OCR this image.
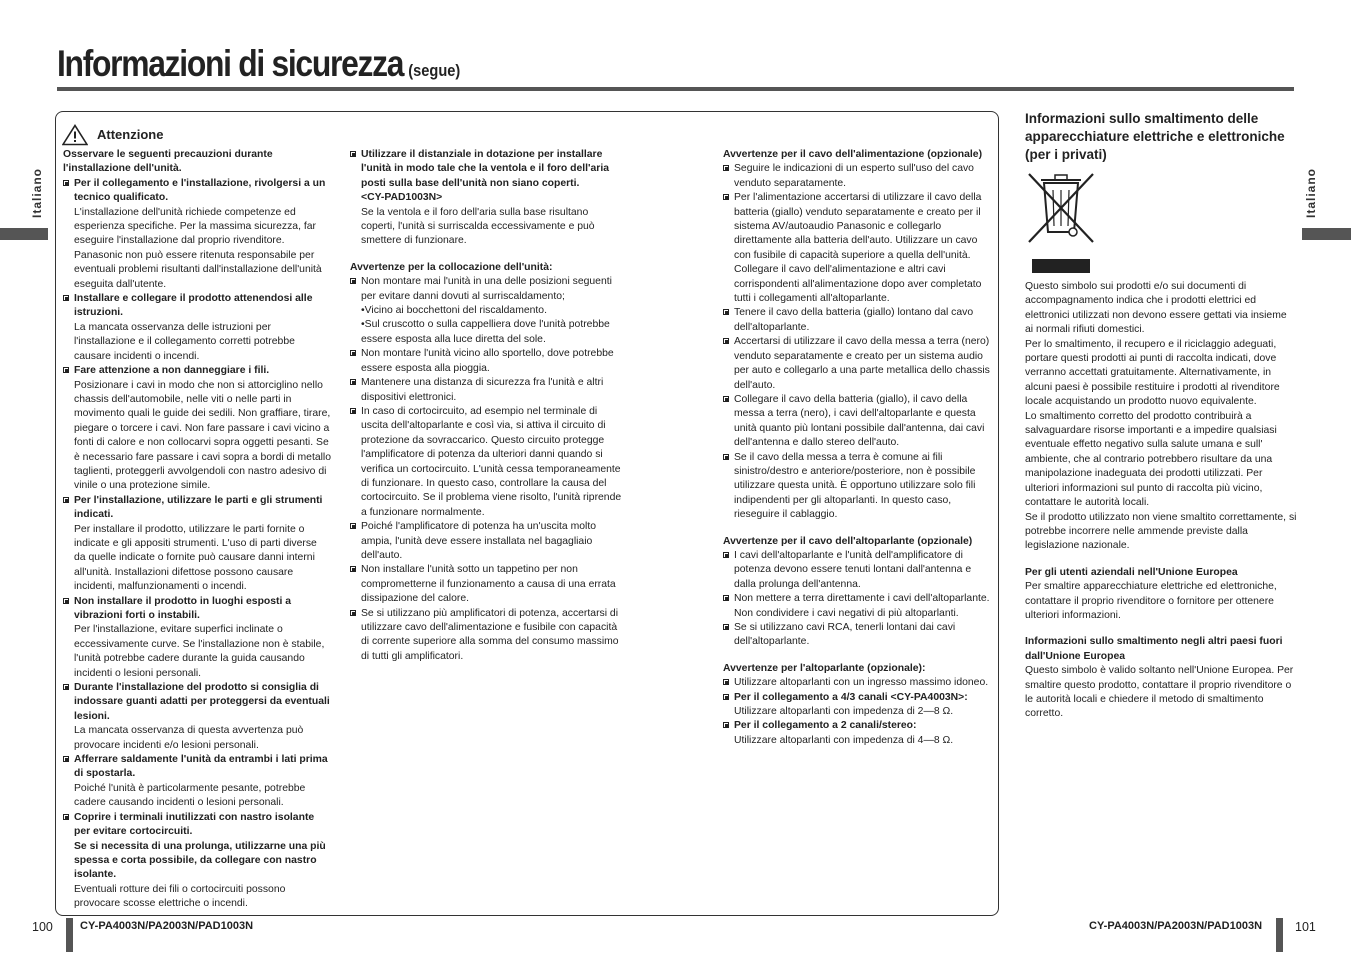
Informazioni di sicurezza (segue)
Italiano	Italiano
Attenzione

Osservare le seguenti precauzioni durante l'installazione dell'unità.

Per il collegamento e l'installazione, rivolgersi a un tecnico qualificato.

L'installazione dell'unità richiede competenze ed esperienza specifiche. Per la massima sicurezza, far eseguire l'installazione dal proprio rivenditore. Panasonic non può essere ritenuta responsabile per eventuali problemi risultanti dall'installazione dell'unità eseguita dall'utente.

Installare e collegare il prodotto attenendosi alle istruzioni.

La mancata osservanza delle istruzioni per l'installazione e il collegamento corretti potrebbe causare incidenti o incendi.

Fare attenzione a non danneggiare i fili.

Posizionare i cavi in modo che non si attorciglino nello chassis dell'automobile, nelle viti o nelle parti in movimento quali le guide dei sedili. Non graffiare, tirare, piegare o torcere i cavi. Non fare passare i cavi vicino a fonti di calore e non collocarvi sopra oggetti pesanti. Se è necessario fare passare i cavi sopra a bordi di metallo taglienti, proteggerli avvolgendoli con nastro adesivo di vinile o una protezione simile.

Per l'installazione, utilizzare le parti e gli strumenti indicati.

Per installare il prodotto, utilizzare le parti fornite o indicate e gli appositi strumenti. L'uso di parti diverse da quelle indicate o fornite può causare danni interni all'unità. Installazioni difettose possono causare incidenti, malfunzionamenti o incendi.

Non installare il prodotto in luoghi esposti a vibrazioni forti o instabili.

Per l'installazione, evitare superfici inclinate o eccessivamente curve. Se l'installazione non è stabile, l'unità potrebbe cadere durante la guida causando incidenti o lesioni personali.

Durante l'installazione del prodotto si consiglia di indossare guanti adatti per proteggersi da eventuali lesioni.

La mancata osservanza di questa avvertenza può provocare incidenti e/o lesioni personali.

Afferrare saldamente l'unità da entrambi i lati prima di spostarla.

Poiché l'unità è particolarmente pesante, potrebbe cadere causando incidenti o lesioni personali.

Coprire i terminali inutilizzati con nastro isolante per evitare cortocircuiti.

Se si necessita di una prolunga, utilizzarne una più spessa e corta possibile, da collegare con nastro isolante.

Eventuali rotture dei fili o cortocircuiti possono provocare scosse elettriche o incendi.

Utilizzare il distanziale in dotazione per installare l'unità in modo tale che la ventola e il foro dell'aria posti sulla base dell'unità non siano coperti.

<CY-PAD1003N>

Se la ventola e il foro dell'aria sulla base risultano coperti, l'unità si surriscalda eccessivamente e può smettere di funzionare.

Avvertenze per la collocazione dell'unità:

Non montare mai l'unità in una delle posizioni seguenti per evitare danni dovuti al surriscaldamento;

• Vicino ai bocchettoni del riscaldamento.

• Sul cruscotto o sulla cappelliera dove l'unità potrebbe essere esposta alla luce diretta del sole.

Non montare l'unità vicino allo sportello, dove potrebbe essere esposta alla pioggia.

Mantenere una distanza di sicurezza fra l'unità e altri dispositivi elettronici.

In caso di cortocircuito, ad esempio nel terminale di uscita dell'altoparlante e così via, si attiva il circuito di protezione da sovraccarico. Questo circuito protegge l'amplificatore di potenza da ulteriori danni quando si verifica un cortocircuito. L'unità cessa temporaneamente di funzionare. In questo caso, controllare la causa del cortocircuito. Se il problema viene risolto, l'unità riprende a funzionare normalmente.

Poiché l'amplificatore di potenza ha un'uscita molto ampia, l'unità deve essere installata nel bagagliaio dell'auto.

Non installare l'unità sotto un tappetino per non comprometterne il funzionamento a causa di una errata dissipazione del calore.

Se si utilizzano più amplificatori di potenza, accertarsi di utilizzare cavo dell'alimentazione e fusibile con capacità di corrente superiore alla somma del consumo massimo di tutti gli amplificatori.

Avvertenze per il cavo dell'alimentazione (opzionale)

Seguire le indicazioni di un esperto sull'uso del cavo venduto separatamente.

Per l'alimentazione accertarsi di utilizzare il cavo della batteria (giallo) venduto separatamente e creato per il sistema AV/autoaudio Panasonic e collegarlo direttamente alla batteria dell'auto. Utilizzare un cavo con fusibile di capacità superiore a quella dell'unità. Collegare il cavo dell'alimentazione e altri cavi corrispondenti all'alimentazione dopo aver completato tutti i collegamenti all'altoparlante.

Tenere il cavo della batteria (giallo) lontano dal cavo dell'altoparlante.

Accertarsi di utilizzare il cavo della messa a terra (nero) venduto separatamente e creato per un sistema audio per auto e collegarlo a una parte metallica dello chassis dell'auto.

Collegare il cavo della batteria (giallo), il cavo della messa a terra (nero), i cavi dell'altoparlante e questa unità quanto più lontani possibile dall'antenna, dai cavi dell'antenna e dallo stereo dell'auto.

Se il cavo della messa a terra è comune ai fili sinistro/destro e anteriore/posteriore, non è possibile utilizzare questa unità. È opportuno utilizzare solo fili indipendenti per gli altoparlanti. In questo caso, rieseguire il cablaggio.

Avvertenze per il cavo dell'altoparlante (opzionale)

I cavi dell'altoparlante e l'unità dell'amplificatore di potenza devono essere tenuti lontani dall'antenna e dalla prolunga dell'antenna.

Non mettere a terra direttamente i cavi dell'altoparlante. Non condividere i cavi negativi di più altoparlanti.

Se si utilizzano cavi RCA, tenerli lontani dai cavi dell'altoparlante.

Avvertenze per l'altoparlante (opzionale):

Utilizzare altoparlanti con un ingresso massimo idoneo.

Per il collegamento a 4/3 canali <CY-PA4003N>:

Utilizzare altoparlanti con impedenza di 2—8 Ω.

Per il collegamento a 2 canali/stereo:

Utilizzare altoparlanti con impedenza di 4—8 Ω.

Informazioni sullo smaltimento delle apparecchiature elettriche e elettroniche (per i privati)

Questo simbolo sui prodotti e/o sui documenti di accompagnamento indica che i prodotti elettrici ed elettronici utilizzati non devono essere gettati via insieme ai normali rifiuti domestici.

Per lo smaltimento, il recupero e il riciclaggio adeguati, portare questi prodotti ai punti di raccolta indicati, dove verranno accettati gratuitamente. Alternativamente, in alcuni paesi è possibile restituire i prodotti al rivenditore locale acquistando un prodotto nuovo equivalente.

Lo smaltimento corretto del prodotto contribuirà a salvaguardare risorse importanti e a impedire qualsiasi eventuale effetto negativo sulla salute umana e sull' ambiente, che al contrario potrebbero risultare da una manipolazione inadeguata dei prodotti utilizzati. Per ulteriori informazioni sul punto di raccolta più vicino, contattare le autorità locali.

Se il prodotto utilizzato non viene smaltito correttamente, si potrebbe incorrere nelle ammende previste dalla legislazione nazionale.

Per gli utenti aziendali nell'Unione Europea

Per smaltire apparecchiature elettriche ed elettroniche, contattare il proprio rivenditore o fornitore per ottenere ulteriori informazioni.

Informazioni sullo smaltimento negli altri paesi fuori dall'Unione Europea

Questo simbolo è valido soltanto nell'Unione Europea. Per smaltire questo prodotto, contattare il proprio rivenditore o le autorità locali e chiedere il metodo di smaltimento corretto.

100 CY-PA4003N/PA2003N/PAD1003N	CY-PA4003N/PA2003N/PAD1003N	101
